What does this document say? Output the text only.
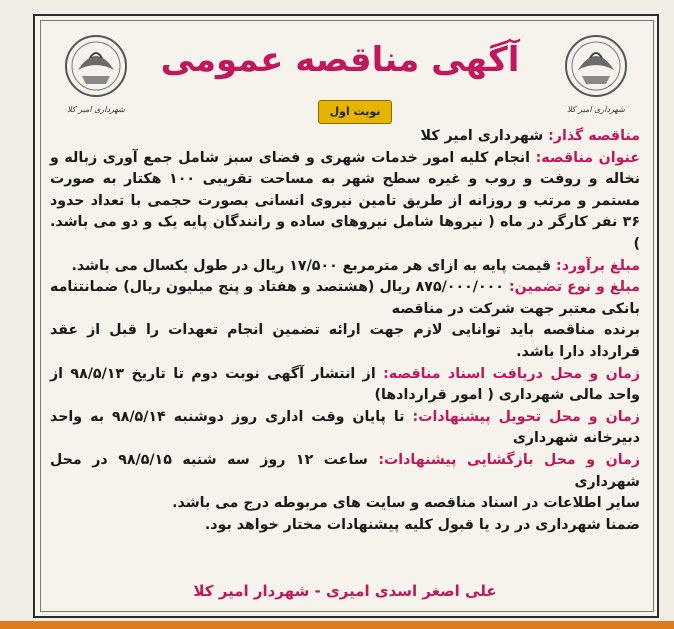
شهرداری امیر کلا	شهرداری امیر کلا
آگهی مناقصه عمومی
نوبت اول

مناقصه گذار: شهرداری امیر کلا

عنوان مناقصه: انجام کلیه امور خدمات شهری و فضای سبز شامل جمع آوری زباله و نخاله و روفت و روب و غیره سطح شهر به مساحت تقریبی ۱۰۰ هکتار به صورت مستمر و مرتب و روزانه از طریق تامین نیروی انسانی بصورت حجمی با تعداد حدود ۳۶ نفر کارگر در ماه ( نیروها شامل نیروهای ساده و رانندگان پایه یک و دو می باشد. )

مبلغ برآورد: قیمت پایه به ازای هر مترمربع ۱۷/۵۰۰ ریال در طول یکسال می باشد.

مبلغ و نوع تضمین: ۸۷۵/۰۰۰/۰۰۰ ریال (هشتصد و هفتاد و پنج میلیون ریال) ضمانتنامه بانکی معتبر جهت شرکت در مناقصه

برنده مناقصه باید توانایی لازم جهت ارائه تضمین انجام تعهدات را قبل از عقد قرارداد دارا باشد.

زمان و محل دریافت اسناد مناقصه: از انتشار آگهی نوبت دوم تا تاریخ ۹۸/۵/۱۳ از واحد مالی شهرداری ( امور قراردادها)

زمان و محل تحویل پیشنهادات: تا پایان وقت اداری روز دوشنبه ۹۸/۵/۱۴ به واحد دبیرخانه شهرداری

زمان و محل بازگشایی پیشنهادات: ساعت ۱۲ روز سه شنبه ۹۸/۵/۱۵ در محل شهرداری

سایر اطلاعات در اسناد مناقصه و سایت های مربوطه درج می باشد.

ضمنا شهرداری در رد یا قبول کلیه پیشنهادات مختار خواهد بود.

علی اصغر اسدی امیری - شهردار امیر کلا
